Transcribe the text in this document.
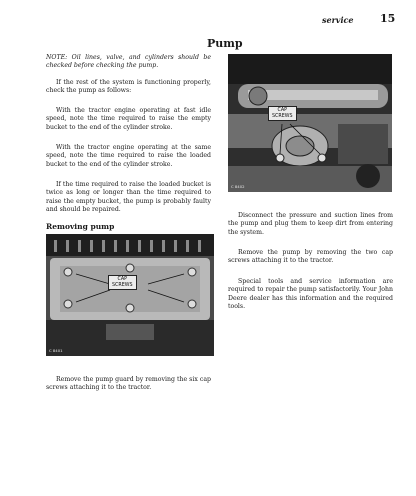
service 15
Pump

NOTE: Oil lines, valve, and cylinders should be checked before checking the pump.

If the rest of the system is functioning properly, check the pump as follows:

With the tractor engine operating at fast idle speed, note the time required to raise the empty bucket to the end of the cylinder stroke.

With the tractor engine operating at the same speed, note the time required to raise the loaded bucket to the end of the cylinder stroke.

If the time required to raise the loaded bucket is twice as long or longer than the time required to raise the empty bucket, the pump is probably faulty and should be repaired.

Removing pump
CAP
SCREWS
C 8401

Remove the pump guard by removing the six cap screws attaching it to the tractor.

CAP
SCREWS
C 8402

Disconnect the pressure and suction lines from the pump and plug them to keep dirt from entering the system.

Remove the pump by removing the two cap screws attaching it to the tractor.

Special tools and service information are required to repair the pump satisfactorily. Your John Deere dealer has this information and the required tools.
